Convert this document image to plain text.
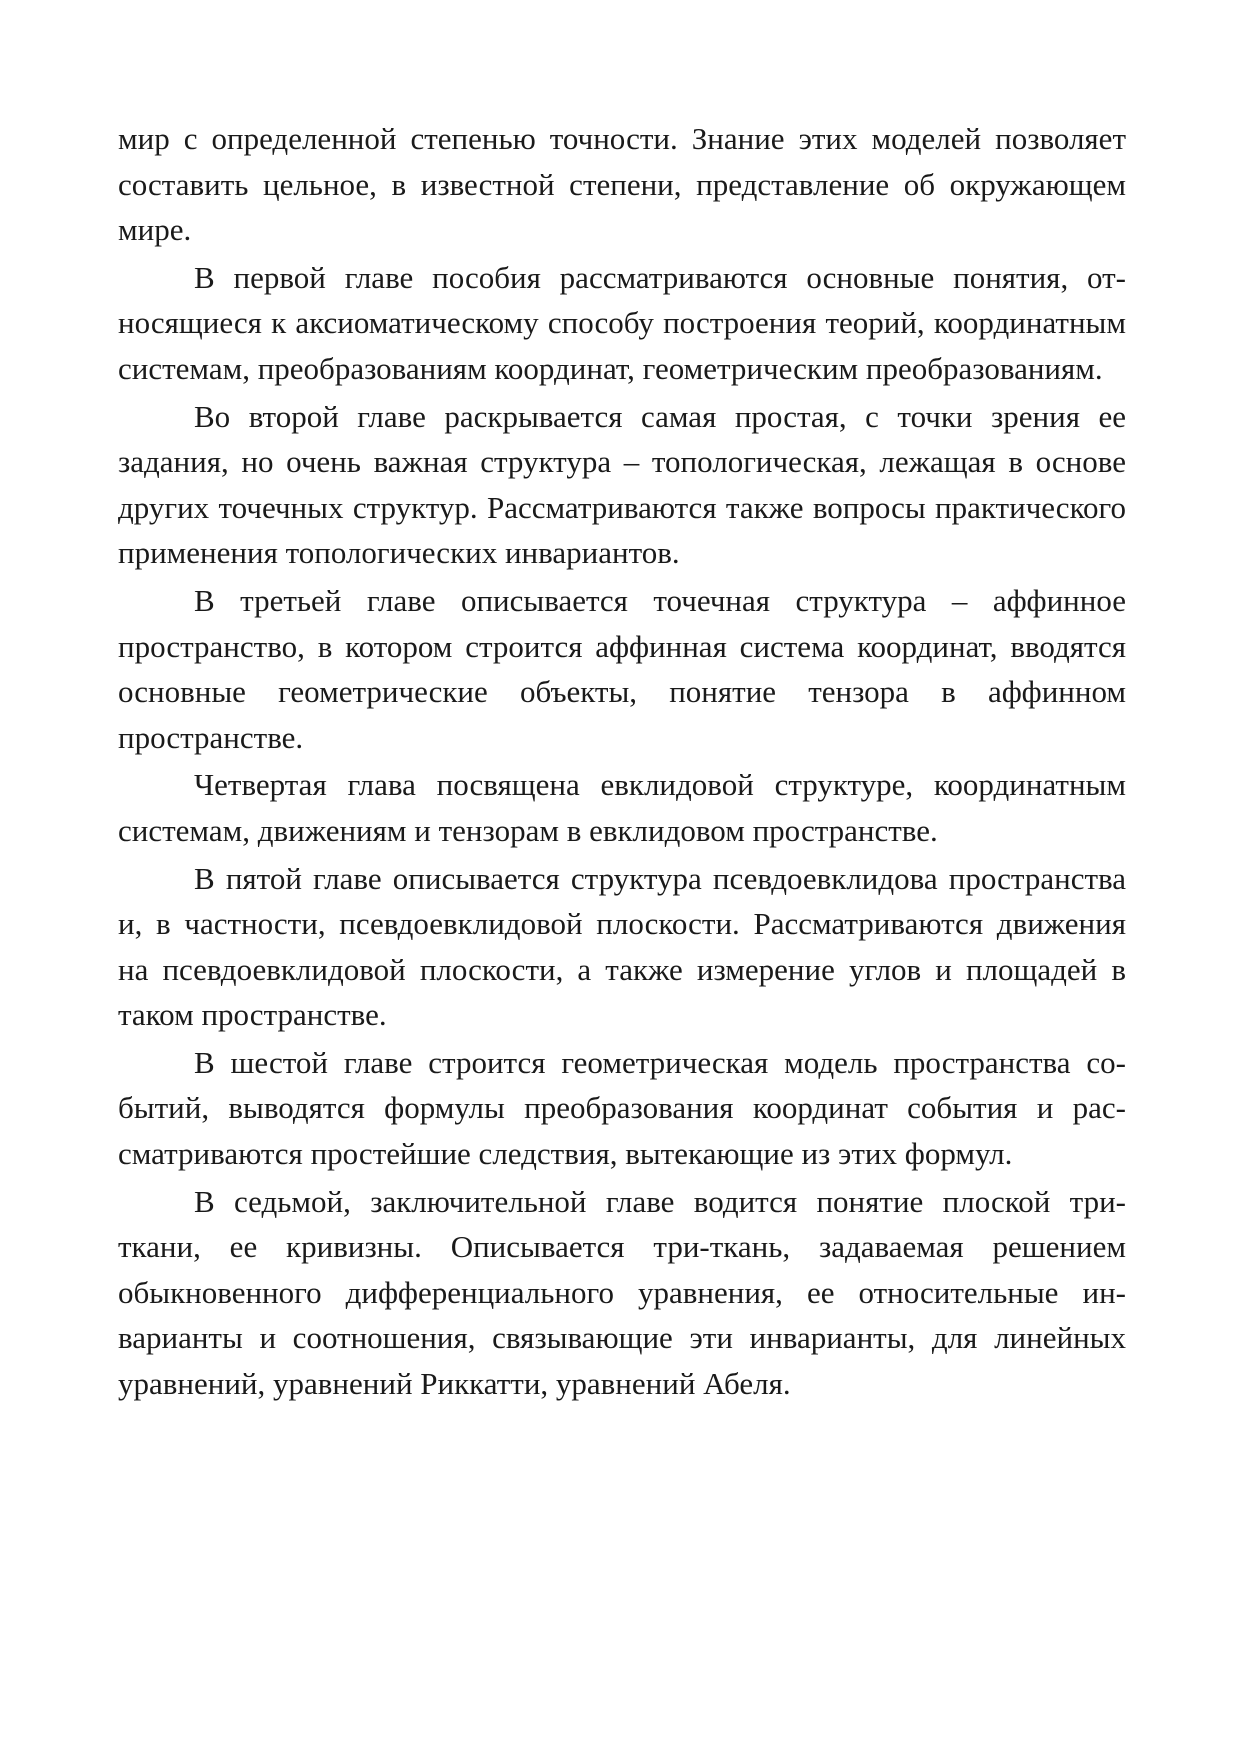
мир с определенной степенью точности. Знание этих моделей позволяет составить цельное, в известной степени, представление об окружающем мире.

В первой главе пособия рассматриваются основные понятия, относящиеся к аксиоматическому способу построения теорий, координатным системам, преобразованиям координат, геометрическим преобразованиям.

Во второй главе раскрывается самая простая, с точки зрения ее задания, но очень важная структура – топологическая, лежащая в основе других точечных структур. Рассматриваются также вопросы практического применения топологических инвариантов.

В третьей главе описывается точечная структура – аффинное пространство, в котором строится аффинная система координат, вводятся основные геометрические объекты, понятие тензора в аффинном пространстве.

Четвертая глава посвящена евклидовой структуре, координатным системам, движениям и тензорам в евклидовом пространстве.

В пятой главе описывается структура псевдоевклидова пространства и, в частности, псевдоевклидовой плоскости. Рассматриваются движения на псевдоевклидовой плоскости, а также измерение углов и площадей в таком пространстве.

В шестой главе строится геометрическая модель пространства событий, выводятся формулы преобразования координат события и рассматриваются простейшие следствия, вытекающие из этих формул.

В седьмой, заключительной главе водится понятие плоской три-ткани, ее кривизны. Описывается три-ткань, задаваемая решением обыкновенного дифференциального уравнения, ее относительные инварианты и соотношения, связывающие эти инварианты, для линейных уравнений, уравнений Риккатти, уравнений Абеля.
